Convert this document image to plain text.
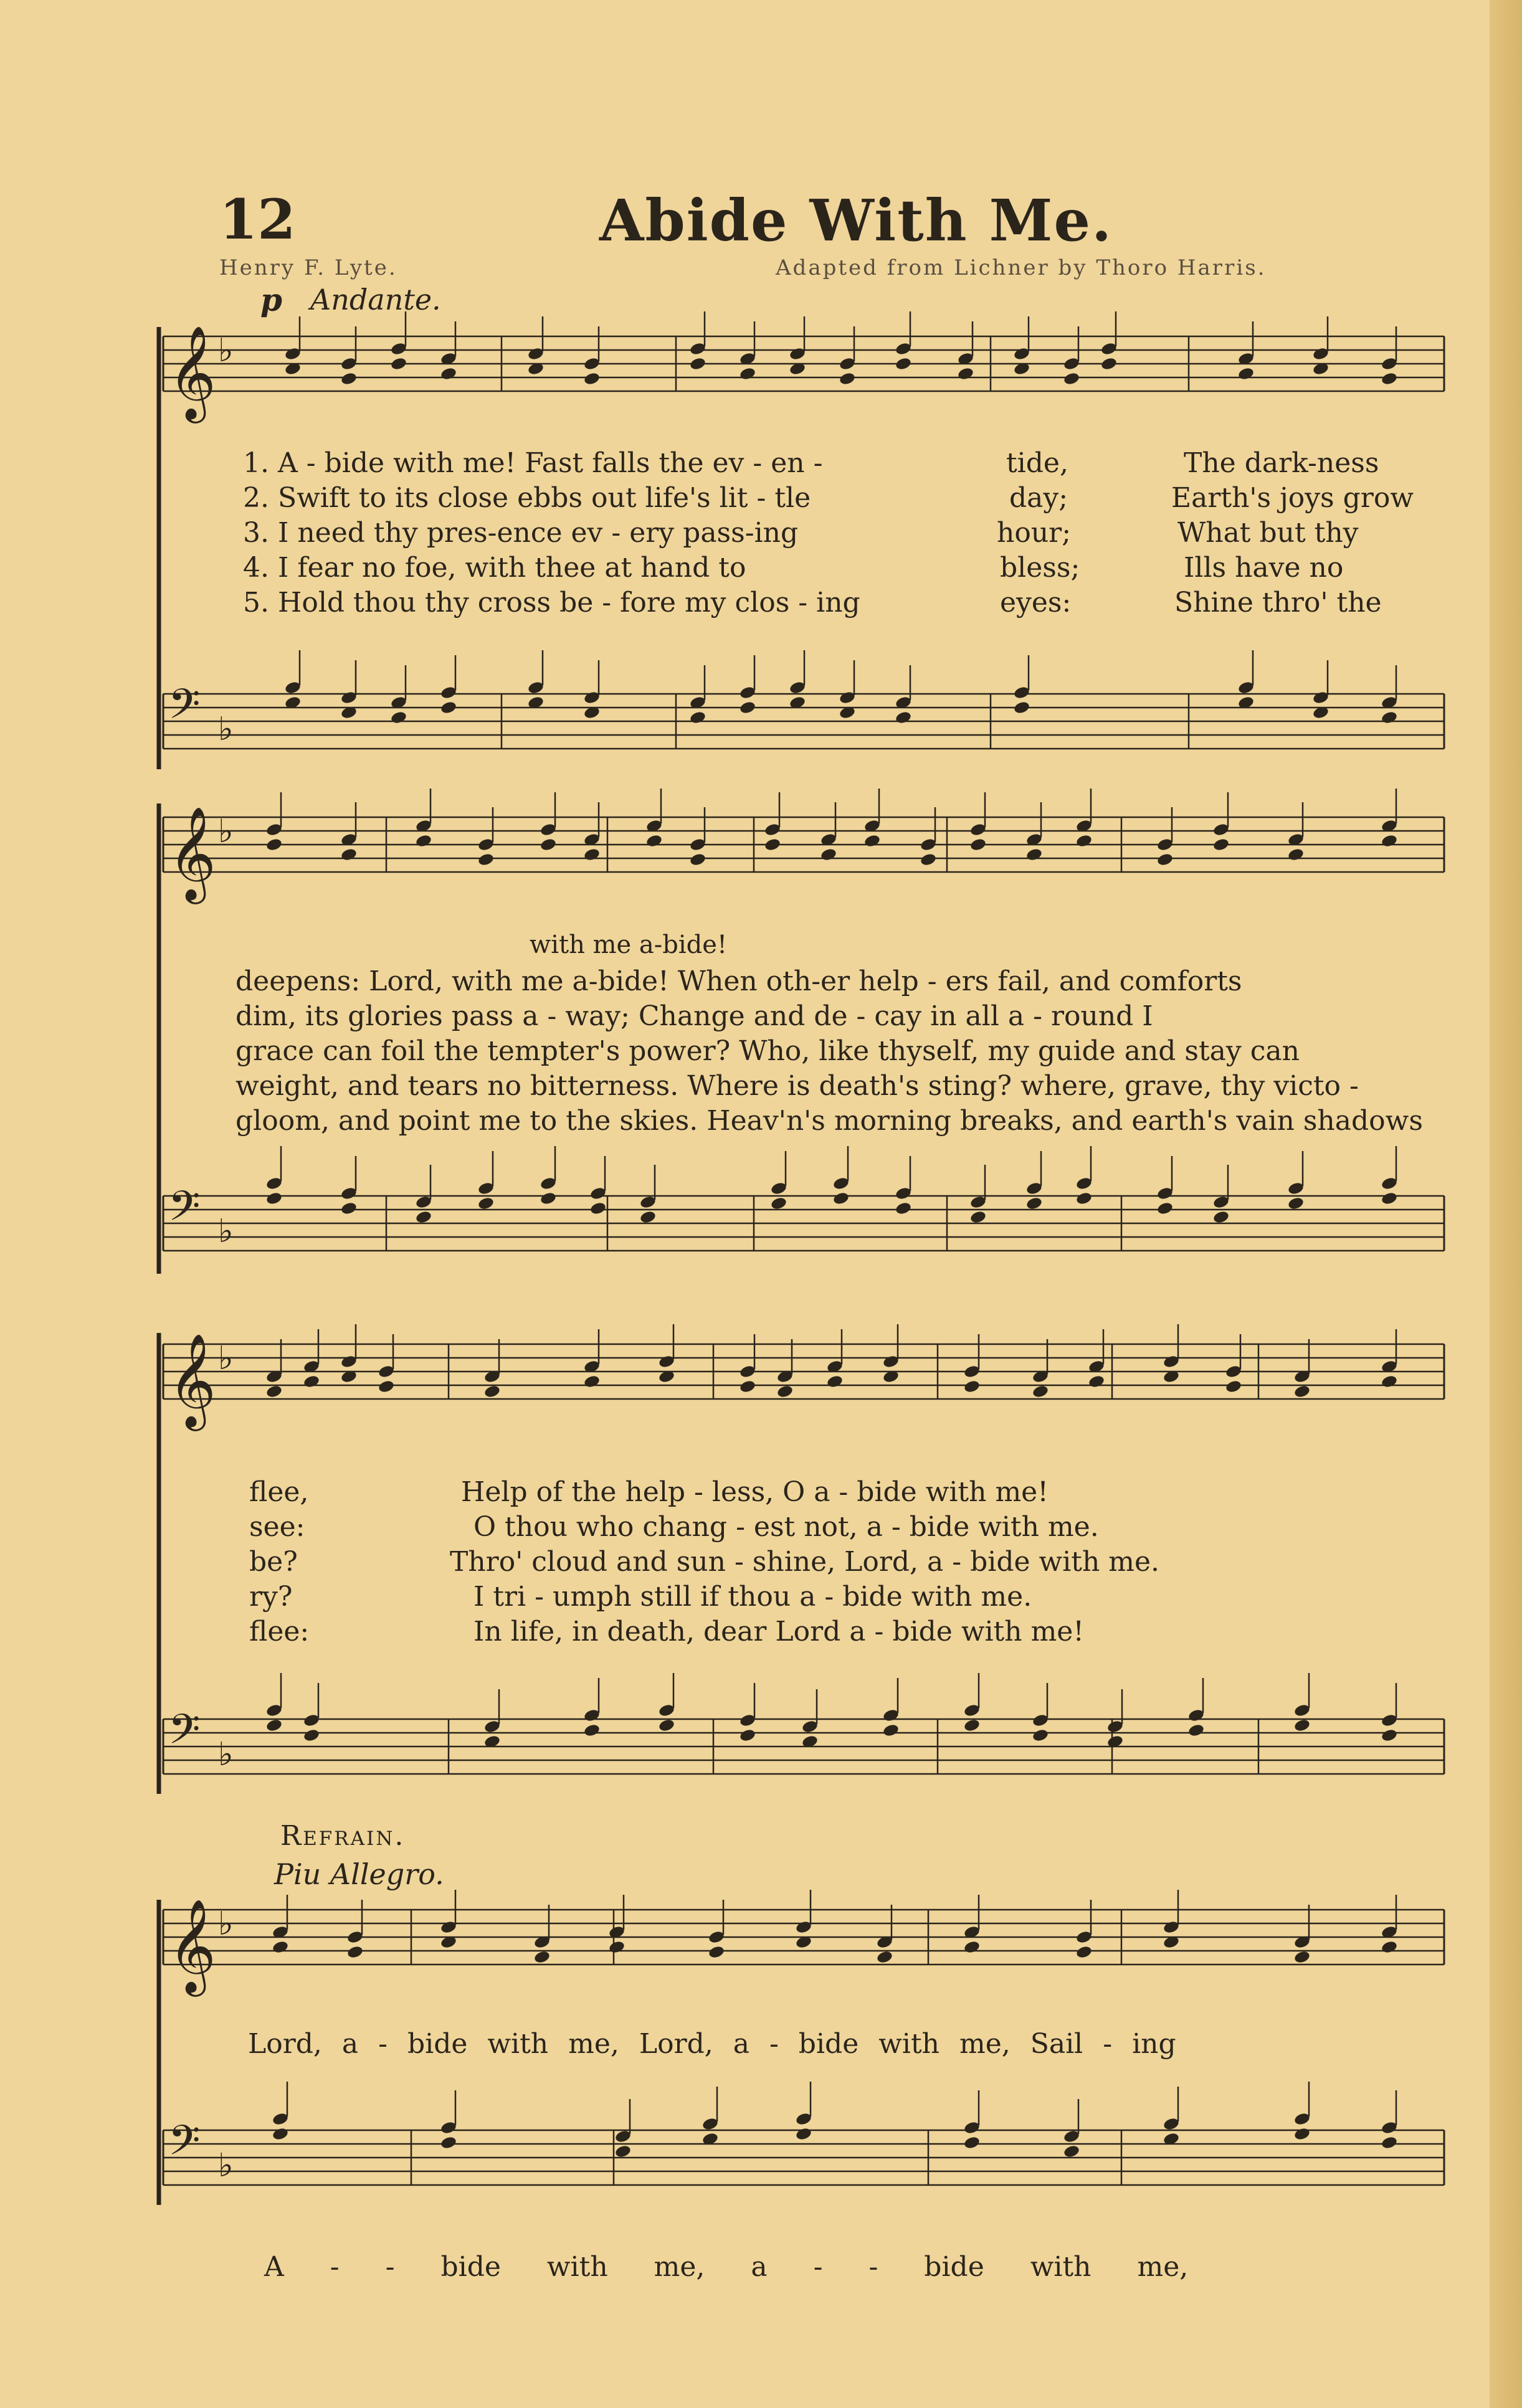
12	Abide With Me.
Henry F. Lyte.	Adapted from Lichner by Thoro Harris.
p Andante.
𝄞 ♭
𝄢 ♭
𝄞 ♭
𝄢 ♭
𝄞 ♭
𝄢 ♭
𝄞 ♭
𝄢 ♭
1. A - bide with me! Fast falls the ev - en -	tide,	The dark-ness
2. Swift to its close ebbs out life's lit - tle	day;	Earth's joys grow
3. I need thy pres-ence ev - ery pass-ing	hour;	What but thy
4. I fear no foe, with thee at hand to	bless;	Ills have no
5. Hold thou thy cross be - fore my clos - ing	eyes:	Shine thro' the
with me a-bide!
deepens: Lord, with me a-bide! When oth-er help - ers fail, and comforts
dim, its glories pass a - way; Change and de - cay in all a - round I
grace can foil the tempter's power? Who, like thyself, my guide and stay can
weight, and tears no bitterness. Where is death's sting? where, grave, thy victo -
gloom, and point me to the skies. Heav'n's morning breaks, and earth's vain shadows
flee,	Help of the help - less, O a - bide with me!
see:	O thou who chang - est not, a - bide with me.
be?	Thro' cloud and sun - shine, Lord, a - bide with me.
ry?	I tri - umph still if thou a - bide with me.
flee:	In life, in death, dear Lord a - bide with me!
Refrain.
Piu Allegro.
Lord, a - bide with me, Lord, a - bide with me, Sail - ing
A - - bide with me, a - - bide with me,
